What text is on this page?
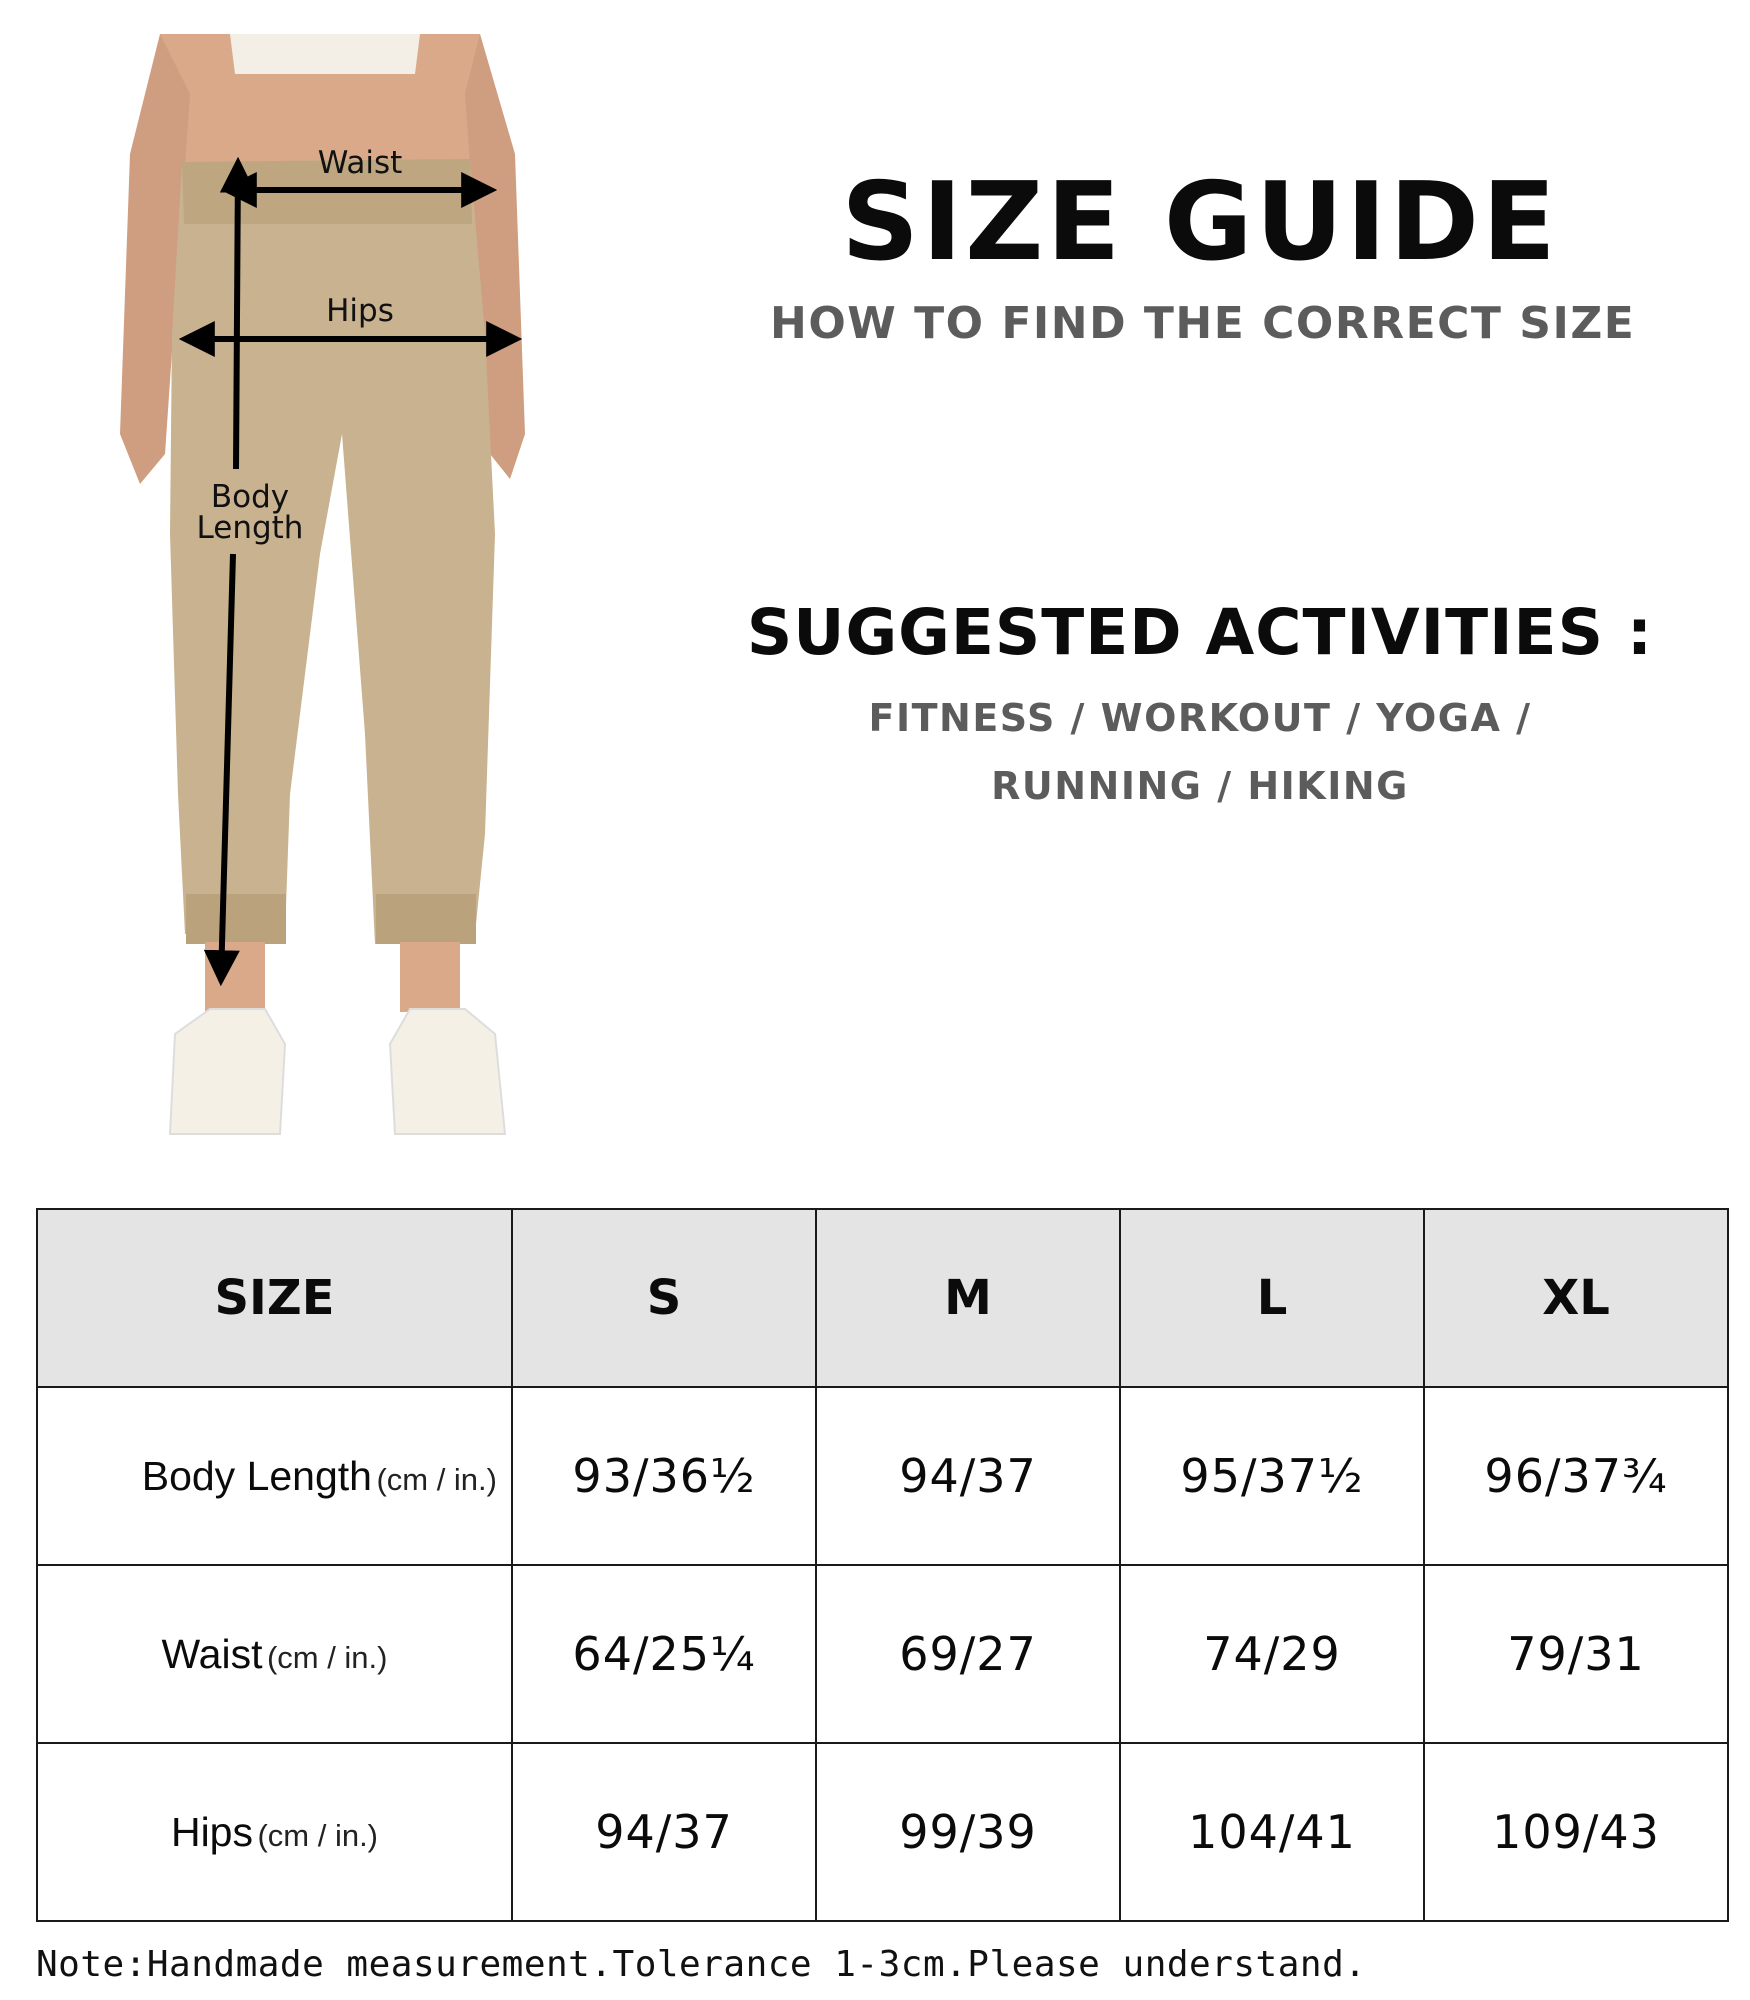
Waist
Hips
Body
Length
SIZE GUIDE
HOW TO FIND THE CORRECT SIZE
SUGGESTED ACTIVITIES :
FITNESS / WORKOUT / YOGA /
RUNNING / HIKING
SIZE	S	M	L	XL
Body Length (cm / in.)	93/36½	94/37	95/37½	96/37¾
Waist (cm / in.)	64/25¼	69/27	74/29	79/31
Hips (cm / in.)	94/37	99/39	104/41	109/43
Note:Handmade measurement.Tolerance 1-3cm.Please understand.
